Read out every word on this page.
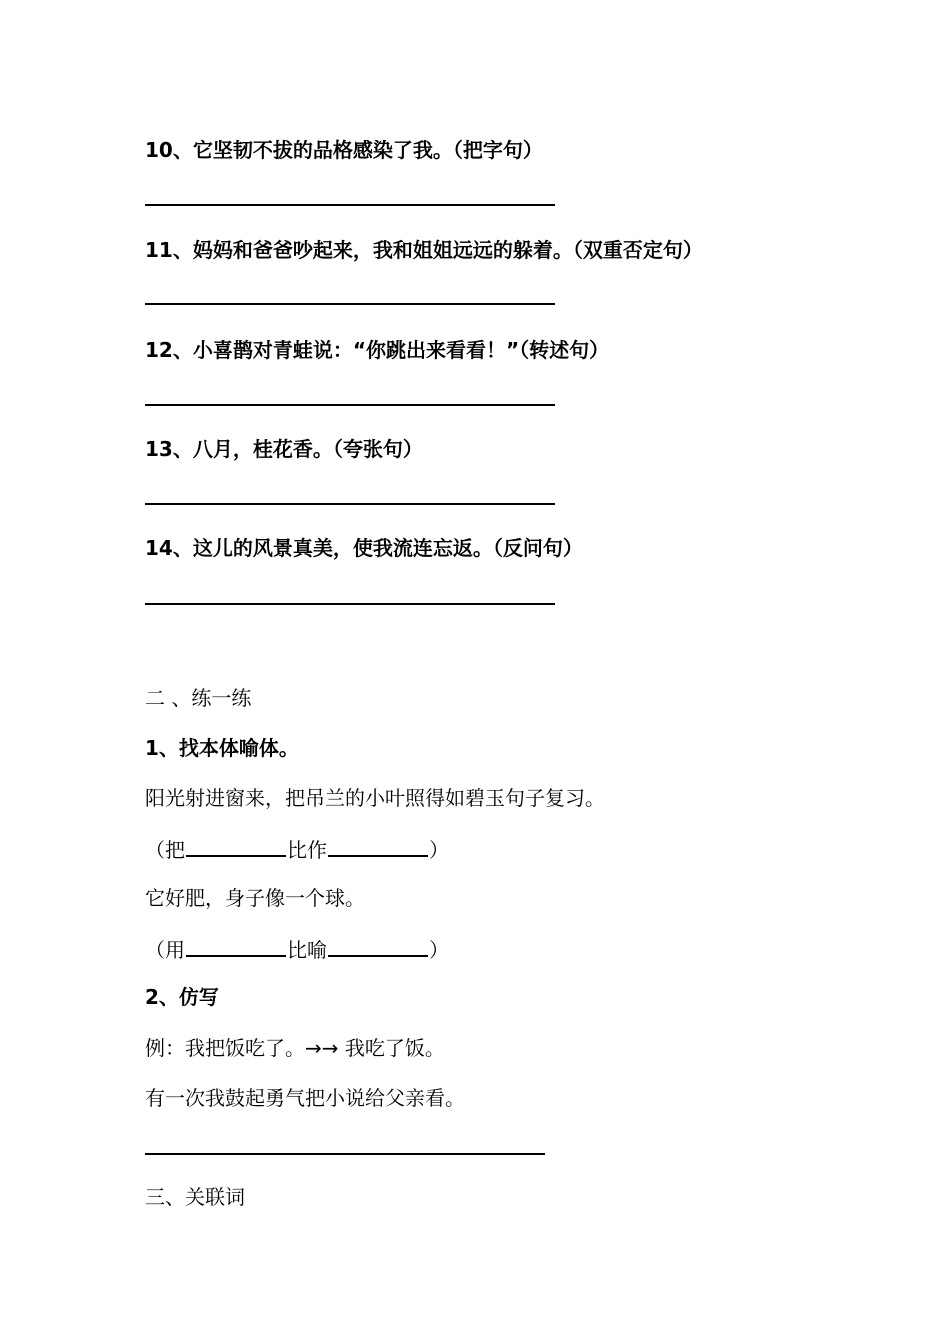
10、它坚韧不拔的品格感染了我。（把字句）
11、妈妈和爸爸吵起来，我和姐姐远远的躲着。（双重否定句）
12、小喜鹊对青蛙说：“你跳出来看看！”（转述句）
13、八月，桂花香。（夸张句）
14、这儿的风景真美，使我流连忘返。（反问句）
二 、练一练
1、找本体喻体。
阳光射进窗来，把吊兰的小叶照得如碧玉句子复习。
（把	比作	）
它好肥，身子像一个球。
（用	比喻	）
2、仿写
例：我把饭吃了。→→ 我吃了饭。
有一次我鼓起勇气把小说给父亲看。
三、关联词
